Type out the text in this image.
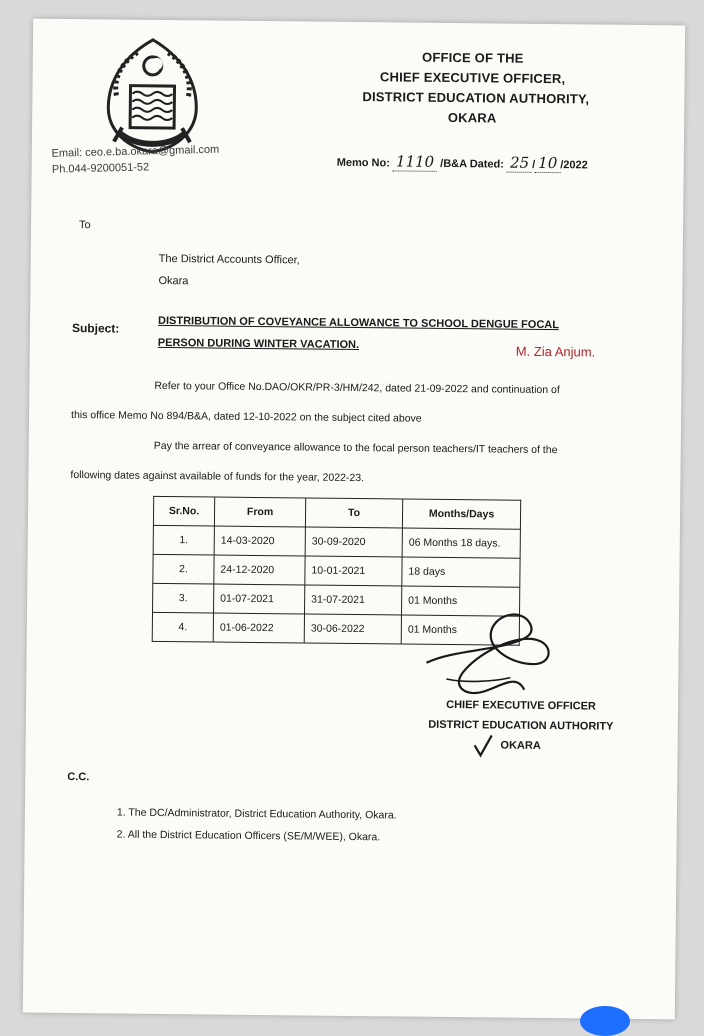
OFFICE OF THE
CHIEF EXECUTIVE OFFICER,
DISTRICT EDUCATION AUTHORITY,
OKARA
Email: ceo.e.ba.okara@gmail.com
Ph.044-9200051-52	Memo No: 1110 /B&A Dated: 25 / 10 /2022
To
The District Accounts Officer,
Okara
Subject:	DISTRIBUTION OF COVEYANCE ALLOWANCE TO SCHOOL DENGUE FOCAL
PERSON DURING WINTER VACATION.	M. Zia Anjum.
Refer to your Office No.DAO/OKR/PR-3/HM/242, dated 21-09-2022 and continuation of
this office Memo No 894/B&A, dated 12-10-2022 on the subject cited above
Pay the arrear of conveyance allowance to the focal person teachers/IT teachers of the
following dates against available of funds for the year, 2022-23.
Sr.No.	From	To	Months/Days
1.	14-03-2020	30-09-2020	06 Months 18 days.
2.	24-12-2020	10-01-2021	18 days
3.	01-07-2021	31-07-2021	01 Months
4.	01-06-2022	30-06-2022	01 Months
CHIEF EXECUTIVE OFFICER
DISTRICT EDUCATION AUTHORITY
OKARA
C.C.
1. The DC/Administrator, District Education Authority, Okara.
2. All the District Education Officers (SE/M/WEE), Okara.
